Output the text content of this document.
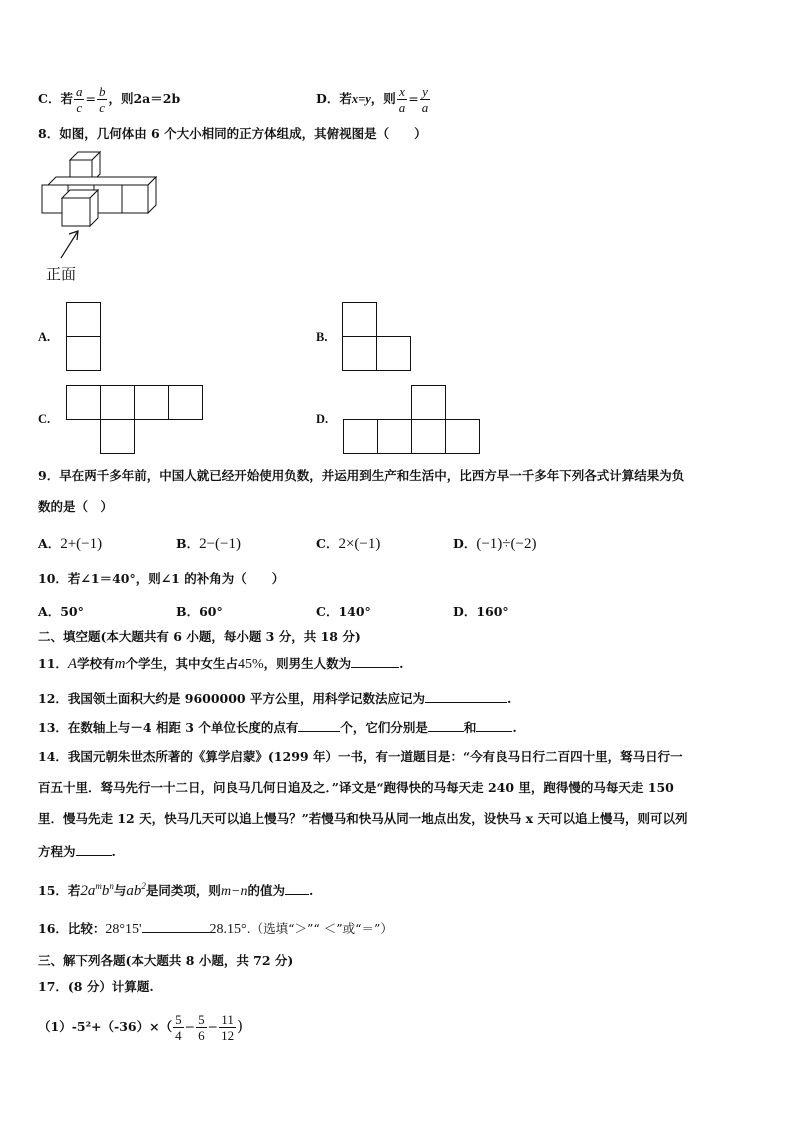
C．若 $\frac{a}{c} = \frac{b}{c}$ ，则2a＝2b	D．若x=y，则 $\frac{x}{a} = \frac{y}{a}$
8．如图，几何体由 6 个大小相同的正方体组成，其俯视图是（　　）
正面
A.	B.
C.	D.
9．早在两千多年前，中国人就已经开始使用负数，并运用到生产和生活中，比西方早一千多年下列各式计算结果为负
数的是（　）
A．2+(−1)	B．2−(−1)	C．2×(−1)	D．(−1)÷(−2)
10．若∠1＝40°，则∠1 的补角为（　　）
A．50°	B．60°	C．140°	D．160°
二、填空题(本大题共有 6 小题，每小题 3 分，共 18 分)
11．A学校有m个学生，其中女生占45%，则男生人数为	.
12．我国领土面积大约是 9600000 平方公里，用科学记数法应记为	.
13．在数轴上与－4 相距 3 个单位长度的点有	个，它们分别是	和	.
14．我国元朝朱世杰所著的《算学启蒙》(1299 年）一书，有一道题目是：“今有良马日行二百四十里，驽马日行一
百五十里．驽马先行一十二日，问良马几何日追及之．”译文是“跑得快的马每天走 240 里，跑得慢的马每天走 150
里．慢马先走 12 天，快马几天可以追上慢马？”若慢马和快马从同一地点出发，设快马 x 天可以追上慢马，则可以列
方程为	.
15．若$2a^mb^n$与$ab^2$是同类项，则m−n的值为 .
16．比较：28°15'	28.15°.（选填“＞”“ ＜”或“＝”）
三、解下列各题(本大题共 8 小题，共 72 分)
17．(8 分）计算题.
$(1)-5^2+(-36)\times( \frac{5}{4} - \frac{5}{6} - \frac{11}{12}$ )
